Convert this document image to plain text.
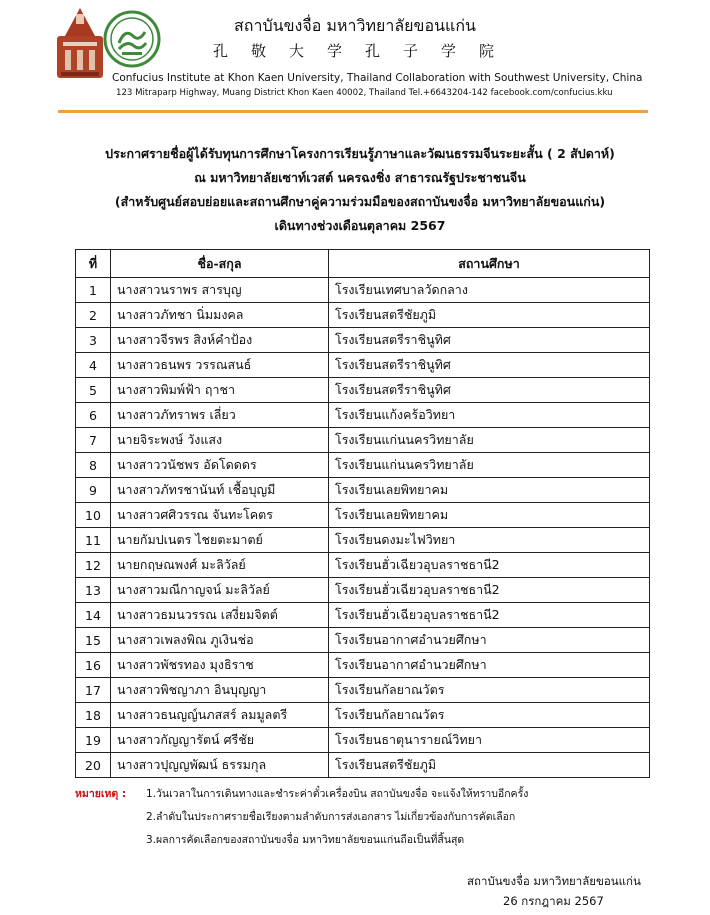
สถาบันขงจื่อ มหาวิทยาลัยขอนแก่น
孔敬大学孔子学院
Confucius Institute at Khon Kaen University, Thailand Collaboration with Southwest University, China
123 Mitraparp Highway, Muang District Khon Kaen 40002, Thailand Tel.+6643204-142 facebook.com/confucius.kku
ประกาศรายชื่อผู้ได้รับทุนการศึกษาโครงการเรียนรู้ภาษาและวัฒนธรรมจีนระยะสั้น ( 2 สัปดาห์)
ณ มหาวิทยาลัยเซาท์เวสต์ นครฉงชิ่ง สาธารณรัฐประชาชนจีน
(สำหรับศูนย์สอบย่อยและสถานศึกษาคู่ความร่วมมือของสถาบันขงจื่อ มหาวิทยาลัยขอนแก่น)
เดินทางช่วงเดือนตุลาคม 2567
ที่	ชื่อ-สกุล	สถานศึกษา
1	นางสาวนราพร สารบุญ	โรงเรียนเทศบาลวัดกลาง
2	นางสาวภัทชา นิ่มมงคล	โรงเรียนสตรีชัยภูมิ
3	นางสาวจีรพร สิงห์คำป้อง	โรงเรียนสตรีราชินูทิศ
4	นางสาวธนพร วรรณสนธ์	โรงเรียนสตรีราชินูทิศ
5	นางสาวพิมพ์ฟ้า ฤาชา	โรงเรียนสตรีราชินูทิศ
6	นางสาวภัทราพร เลี่ยว	โรงเรียนแก้งคร้อวิทยา
7	นายจิระพงษ์ วังแสง	โรงเรียนแก่นนครวิทยาลัย
8	นางสาววนัชพร อัดโดดดร	โรงเรียนแก่นนครวิทยาลัย
9	นางสาวภัทรชานันท์ เชื้อบุญมี	โรงเรียนเลยพิทยาคม
10	นางสาวศศิวรรณ จันทะโคตร	โรงเรียนเลยพิทยาคม
11	นายกัมปเนตร ไชยตะมาตย์	โรงเรียนดงมะไฟวิทยา
12	นายกฤษณพงศ์ มะลิวัลย์	โรงเรียนฮั่วเฉียวอุบลราชธานี2
13	นางสาวมณีกาญจน์ มะลิวัลย์	โรงเรียนฮั่วเฉียวอุบลราชธานี2
14	นางสาวธมนวรรณ เสงี่ยมจิตต์	โรงเรียนฮั่วเฉียวอุบลราชธานี2
15	นางสาวเพลงพิณ ภูเงินช่อ	โรงเรียนอากาศอำนวยศึกษา
16	นางสาวพัชรทอง มุงธิราช	โรงเรียนอากาศอำนวยศึกษา
17	นางสาวพิชญาภา อินบุญญา	โรงเรียนกัลยาณวัตร
18	นางสาวธนญญ์นภสสร์ ลมมูลตรี	โรงเรียนกัลยาณวัตร
19	นางสาวกัญญารัตน์ ศรีชัย	โรงเรียนธาตุนารายณ์วิทยา
20	นางสาวปุญญพัฒน์ ธรรมกุล	โรงเรียนสตรีชัยภูมิ
หมายเหตุ : 1.วันเวลาในการเดินทางและชำระค่าตั๋วเครื่องบิน สถาบันขงจื่อ จะแจ้งให้ทราบอีกครั้ง
2.ลำดับในประกาศรายชื่อเรียงตามลำดับการส่งเอกสาร ไม่เกี่ยวข้องกับการคัดเลือก
3.ผลการคัดเลือกของสถาบันขงจื่อ มหาวิทยาลัยขอนแก่นถือเป็นที่สิ้นสุด
สถาบันขงจื่อ มหาวิทยาลัยขอนแก่น
26 กรกฎาคม 2567
